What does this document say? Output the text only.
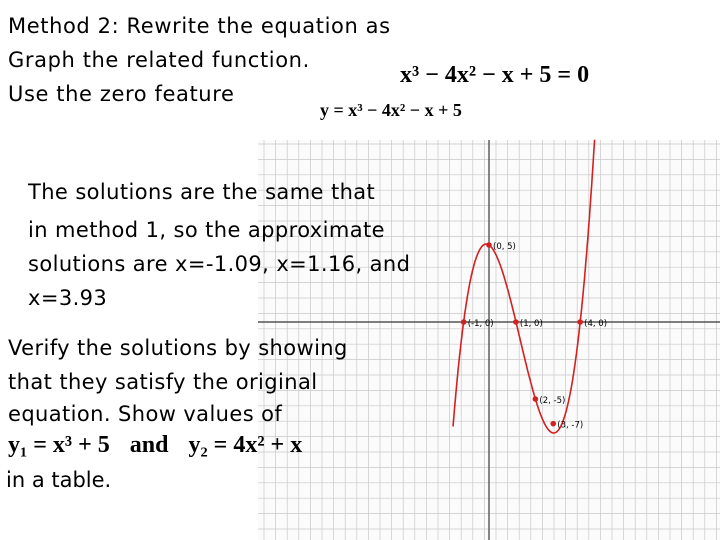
(-1, 0)
(0, 5)
(1, 0)	(4, 0)
(2, -5)
(3, -7)
Method 2: Rewrite the equation as
Graph the related function.
Use the zero feature
x³ − 4x² − x + 5 = 0
y = x³ − 4x² − x + 5
The solutions are the same that
in method 1, so the approximate
solutions are x=-1.09, x=1.16, and
x=3.93
Verify the solutions by showing
that they satisfy the original
equation. Show values of
y₁ = x³ + 5 and y₂ = 4x² + x
in a table.
